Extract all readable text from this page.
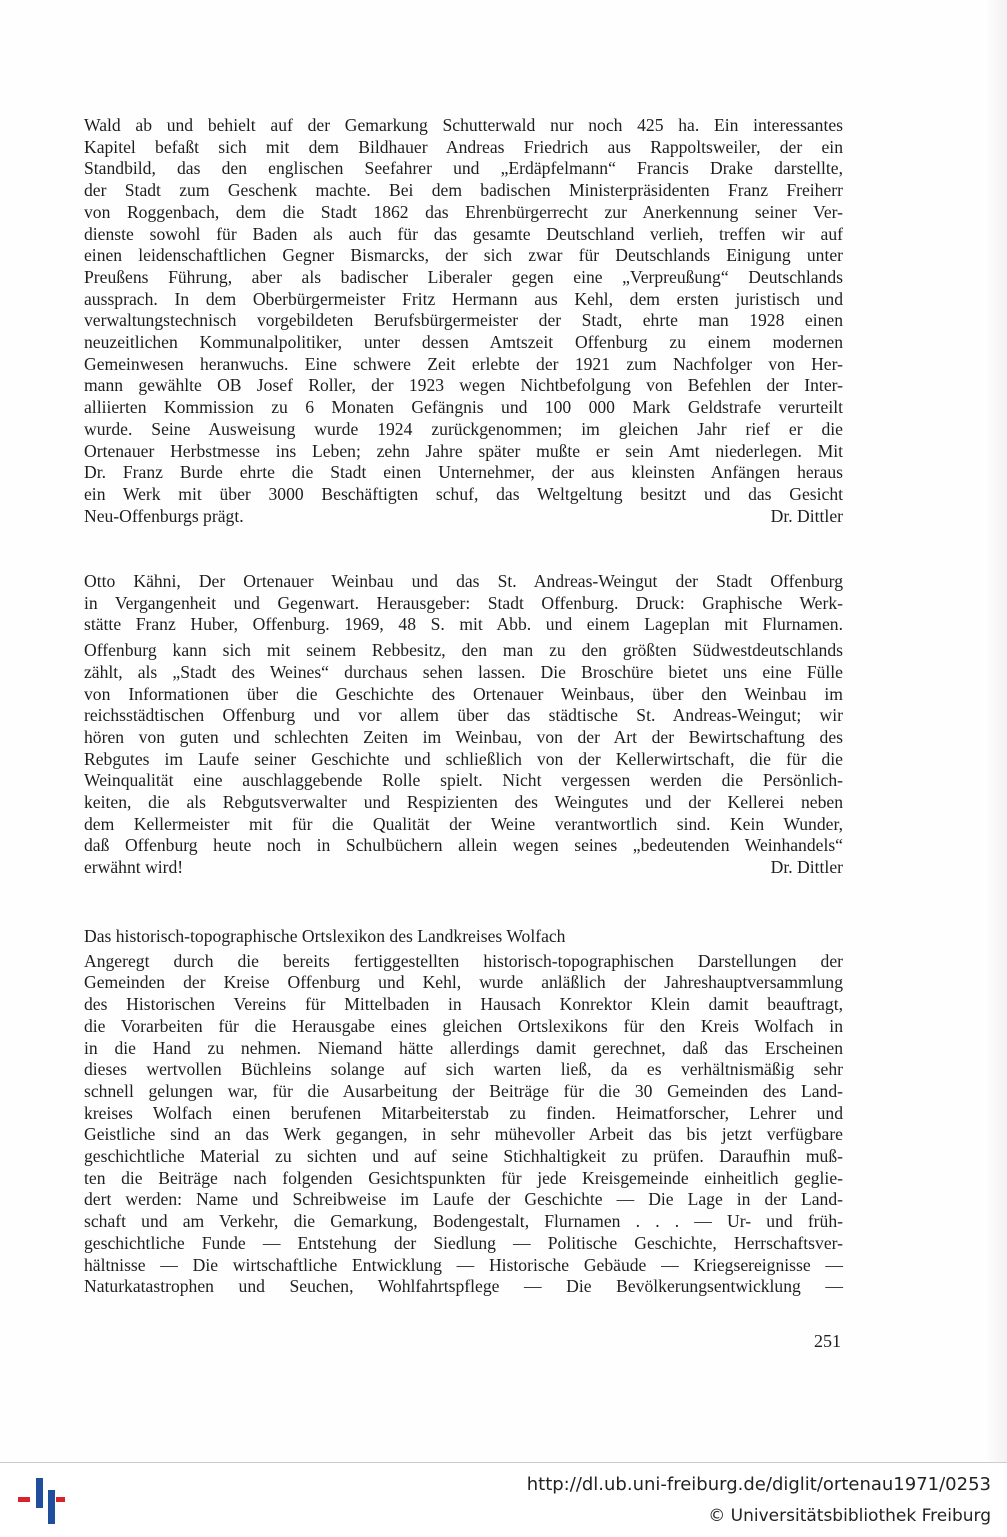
Wald ab und behielt auf der Gemarkung Schutterwald nur noch 425 ha. Ein interessantes

Kapitel befaßt sich mit dem Bildhauer Andreas Friedrich aus Rappoltsweiler, der ein

Standbild, das den englischen Seefahrer und „Erdäpfelmann“ Francis Drake darstellte,

der Stadt zum Geschenk machte. Bei dem badischen Ministerpräsidenten Franz Freiherr

von Roggenbach, dem die Stadt 1862 das Ehrenbürgerrecht zur Anerkennung seiner Ver-

dienste sowohl für Baden als auch für das gesamte Deutschland verlieh, treffen wir auf

einen leidenschaftlichen Gegner Bismarcks, der sich zwar für Deutschlands Einigung unter

Preußens Führung, aber als badischer Liberaler gegen eine „Verpreußung“ Deutschlands

aussprach. In dem Oberbürgermeister Fritz Hermann aus Kehl, dem ersten juristisch und

verwaltungstechnisch vorgebildeten Berufsbürgermeister der Stadt, ehrte man 1928 einen

neuzeitlichen Kommunalpolitiker, unter dessen Amtszeit Offenburg zu einem modernen

Gemeinwesen heranwuchs. Eine schwere Zeit erlebte der 1921 zum Nachfolger von Her-

mann gewählte OB Josef Roller, der 1923 wegen Nichtbefolgung von Befehlen der Inter-

alliierten Kommission zu 6 Monaten Gefängnis und 100 000 Mark Geldstrafe verurteilt

wurde. Seine Ausweisung wurde 1924 zurückgenommen; im gleichen Jahr rief er die

Ortenauer Herbstmesse ins Leben; zehn Jahre später mußte er sein Amt niederlegen. Mit

Dr. Franz Burde ehrte die Stadt einen Unternehmer, der aus kleinsten Anfängen heraus

ein Werk mit über 3000 Beschäftigten schuf, das Weltgeltung besitzt und das Gesicht

Neu-Offenburgs prägt.	Dr. Dittler

Otto Kähni, Der Ortenauer Weinbau und das St. Andreas-Weingut der Stadt Offenburg

in Vergangenheit und Gegenwart. Herausgeber: Stadt Offenburg. Druck: Graphische Werk-

stätte Franz Huber, Offenburg. 1969, 48 S. mit Abb. und einem Lageplan mit Flurnamen.

Offenburg kann sich mit seinem Rebbesitz, den man zu den größten Südwestdeutschlands

zählt, als „Stadt des Weines“ durchaus sehen lassen. Die Broschüre bietet uns eine Fülle

von Informationen über die Geschichte des Ortenauer Weinbaus, über den Weinbau im

reichsstädtischen Offenburg und vor allem über das städtische St. Andreas-Weingut; wir

hören von guten und schlechten Zeiten im Weinbau, von der Art der Bewirtschaftung des

Rebgutes im Laufe seiner Geschichte und schließlich von der Kellerwirtschaft, die für die

Weinqualität eine auschlaggebende Rolle spielt. Nicht vergessen werden die Persönlich-

keiten, die als Rebgutsverwalter und Respizienten des Weingutes und der Kellerei neben

dem Kellermeister mit für die Qualität der Weine verantwortlich sind. Kein Wunder,

daß Offenburg heute noch in Schulbüchern allein wegen seines „bedeutenden Weinhandels“

erwähnt wird!	Dr. Dittler

Das historisch-topographische Ortslexikon des Landkreises Wolfach

Angeregt durch die bereits fertiggestellten historisch-topographischen Darstellungen der

Gemeinden der Kreise Offenburg und Kehl, wurde anläßlich der Jahreshauptversammlung

des Historischen Vereins für Mittelbaden in Hausach Konrektor Klein damit beauftragt,

die Vorarbeiten für die Herausgabe eines gleichen Ortslexikons für den Kreis Wolfach in

in die Hand zu nehmen. Niemand hätte allerdings damit gerechnet, daß das Erscheinen

dieses wertvollen Büchleins solange auf sich warten ließ, da es verhältnismäßig sehr

schnell gelungen war, für die Ausarbeitung der Beiträge für die 30 Gemeinden des Land-

kreises Wolfach einen berufenen Mitarbeiterstab zu finden. Heimatforscher, Lehrer und

Geistliche sind an das Werk gegangen, in sehr mühevoller Arbeit das bis jetzt verfügbare

geschichtliche Material zu sichten und auf seine Stichhaltigkeit zu prüfen. Daraufhin muß-

ten die Beiträge nach folgenden Gesichtspunkten für jede Kreisgemeinde einheitlich geglie-

dert werden: Name und Schreibweise im Laufe der Geschichte — Die Lage in der Land-

schaft und am Verkehr, die Gemarkung, Bodengestalt, Flurnamen . . . — Ur- und früh-

geschichtliche Funde — Entstehung der Siedlung — Politische Geschichte, Herrschaftsver-

hältnisse — Die wirtschaftliche Entwicklung — Historische Gebäude — Kriegsereignisse —

Naturkatastrophen und Seuchen, Wohlfahrtspflege — Die Bevölkerungsentwicklung —

251
http://dl.ub.uni-freiburg.de/diglit/ortenau1971/0253
© Universitätsbibliothek Freiburg
